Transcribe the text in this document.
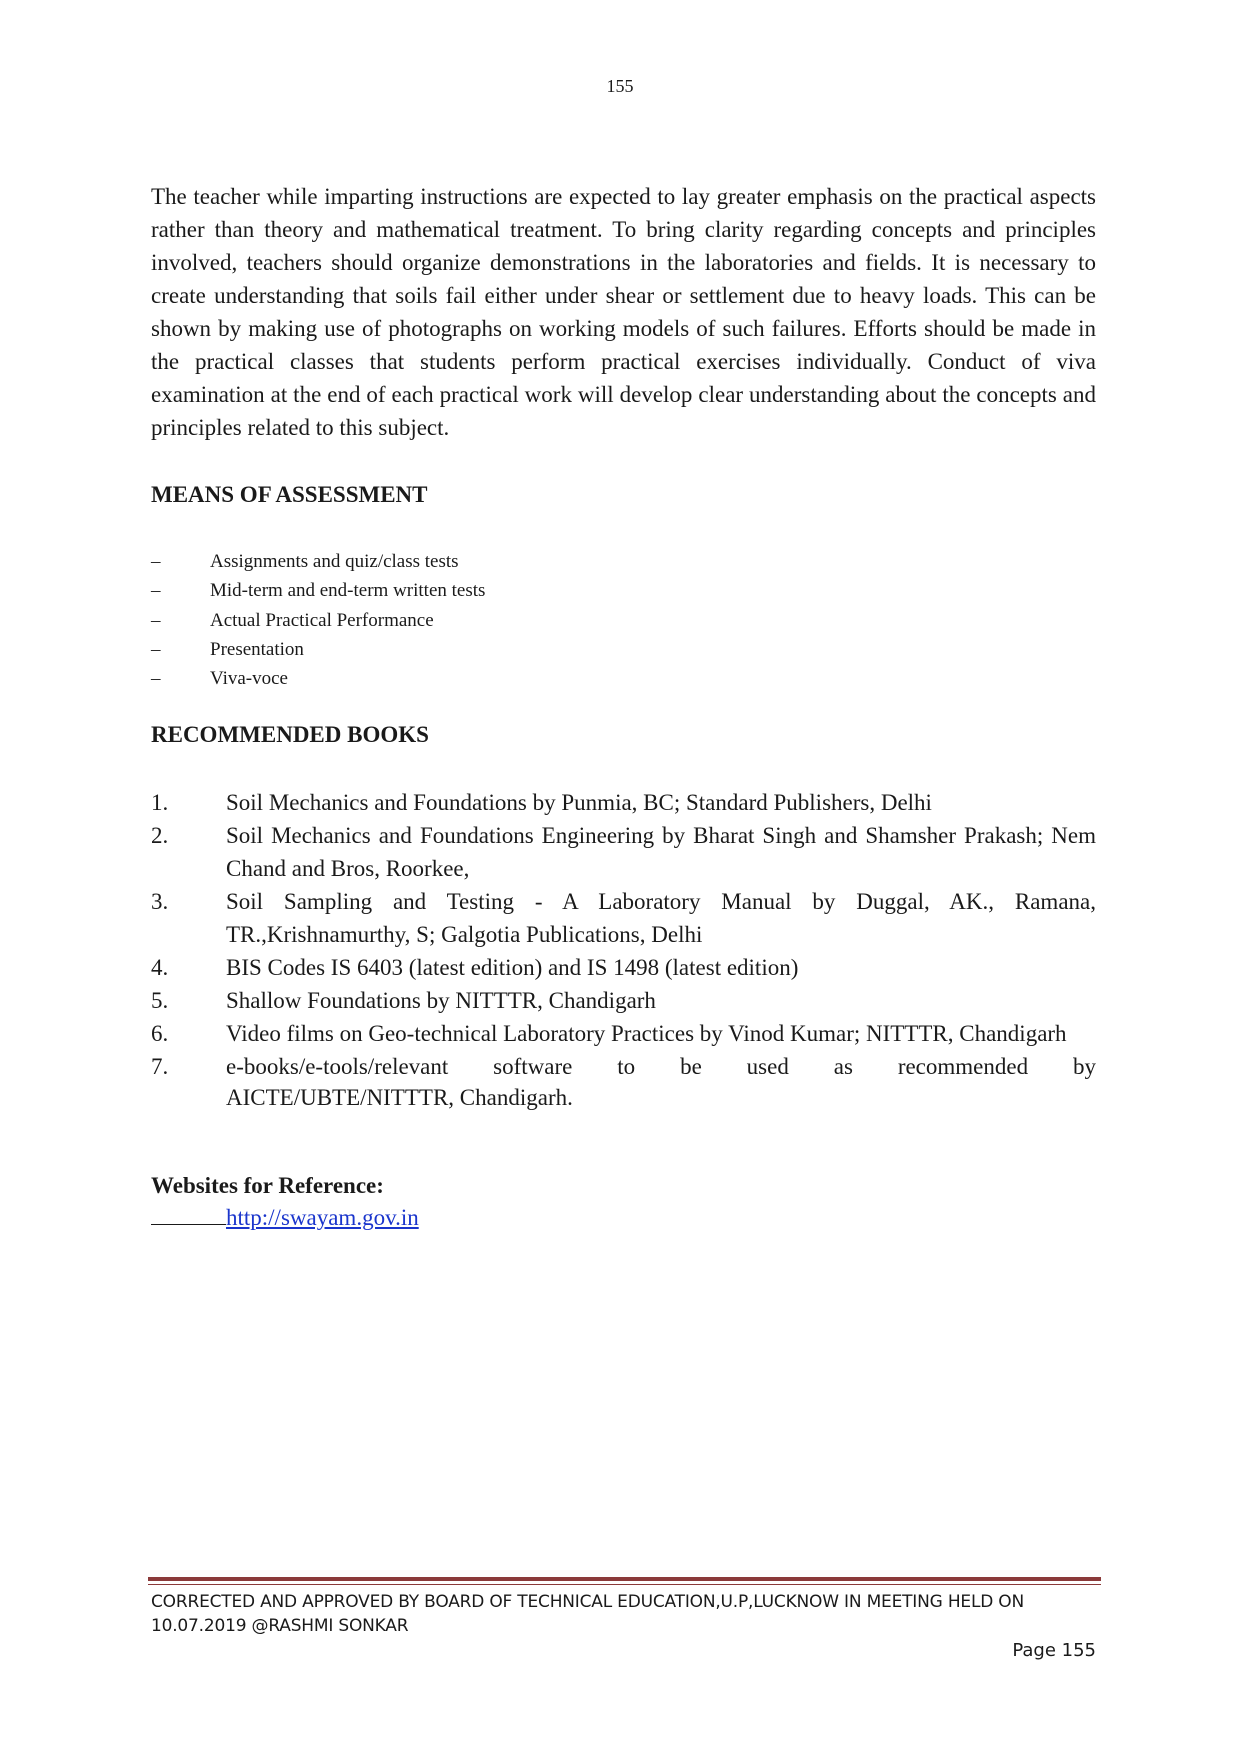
155

The teacher while imparting instructions are expected to lay greater emphasis on the practical aspects rather than theory and mathematical treatment. To bring clarity regarding concepts and principles involved, teachers should organize demonstrations in the laboratories and fields. It is necessary to create understanding that soils fail either under shear or settlement due to heavy loads. This can be shown by making use of photographs on working models of such failures. Efforts should be made in the practical classes that students perform practical exercises individually. Conduct of viva examination at the end of each practical work will develop clear understanding about the concepts and principles related to this subject.

MEANS OF ASSESSMENT
–	Assignments and quiz/class tests
–	Mid-term and end-term written tests
–	Actual Practical Performance
–	Presentation
–	Viva-voce
RECOMMENDED BOOKS
1.	Soil Mechanics and Foundations by Punmia, BC; Standard Publishers, Delhi
2.	Soil Mechanics and Foundations Engineering by Bharat Singh and Shamsher Prakash; Nem Chand and Bros, Roorkee,
3.	Soil Sampling and Testing - A Laboratory Manual by Duggal, AK., Ramana, TR.,Krishnamurthy, S; Galgotia Publications, Delhi
4.	BIS Codes IS 6403 (latest edition) and IS 1498 (latest edition)
5.	Shallow Foundations by NITTTR, Chandigarh
6.	Video films on Geo-technical Laboratory Practices by Vinod Kumar; NITTTR, Chandigarh
7.	e-books/e-tools/relevant software to be used as recommended by
AICTE/UBTE/NITTTR, Chandigarh.
Websites for Reference:
http://swayam.gov.in

CORRECTED AND APPROVED BY BOARD OF TECHNICAL EDUCATION,U.P,LUCKNOW IN MEETING HELD ON 10.07.2019 @RASHMI SONKAR

Page 155
